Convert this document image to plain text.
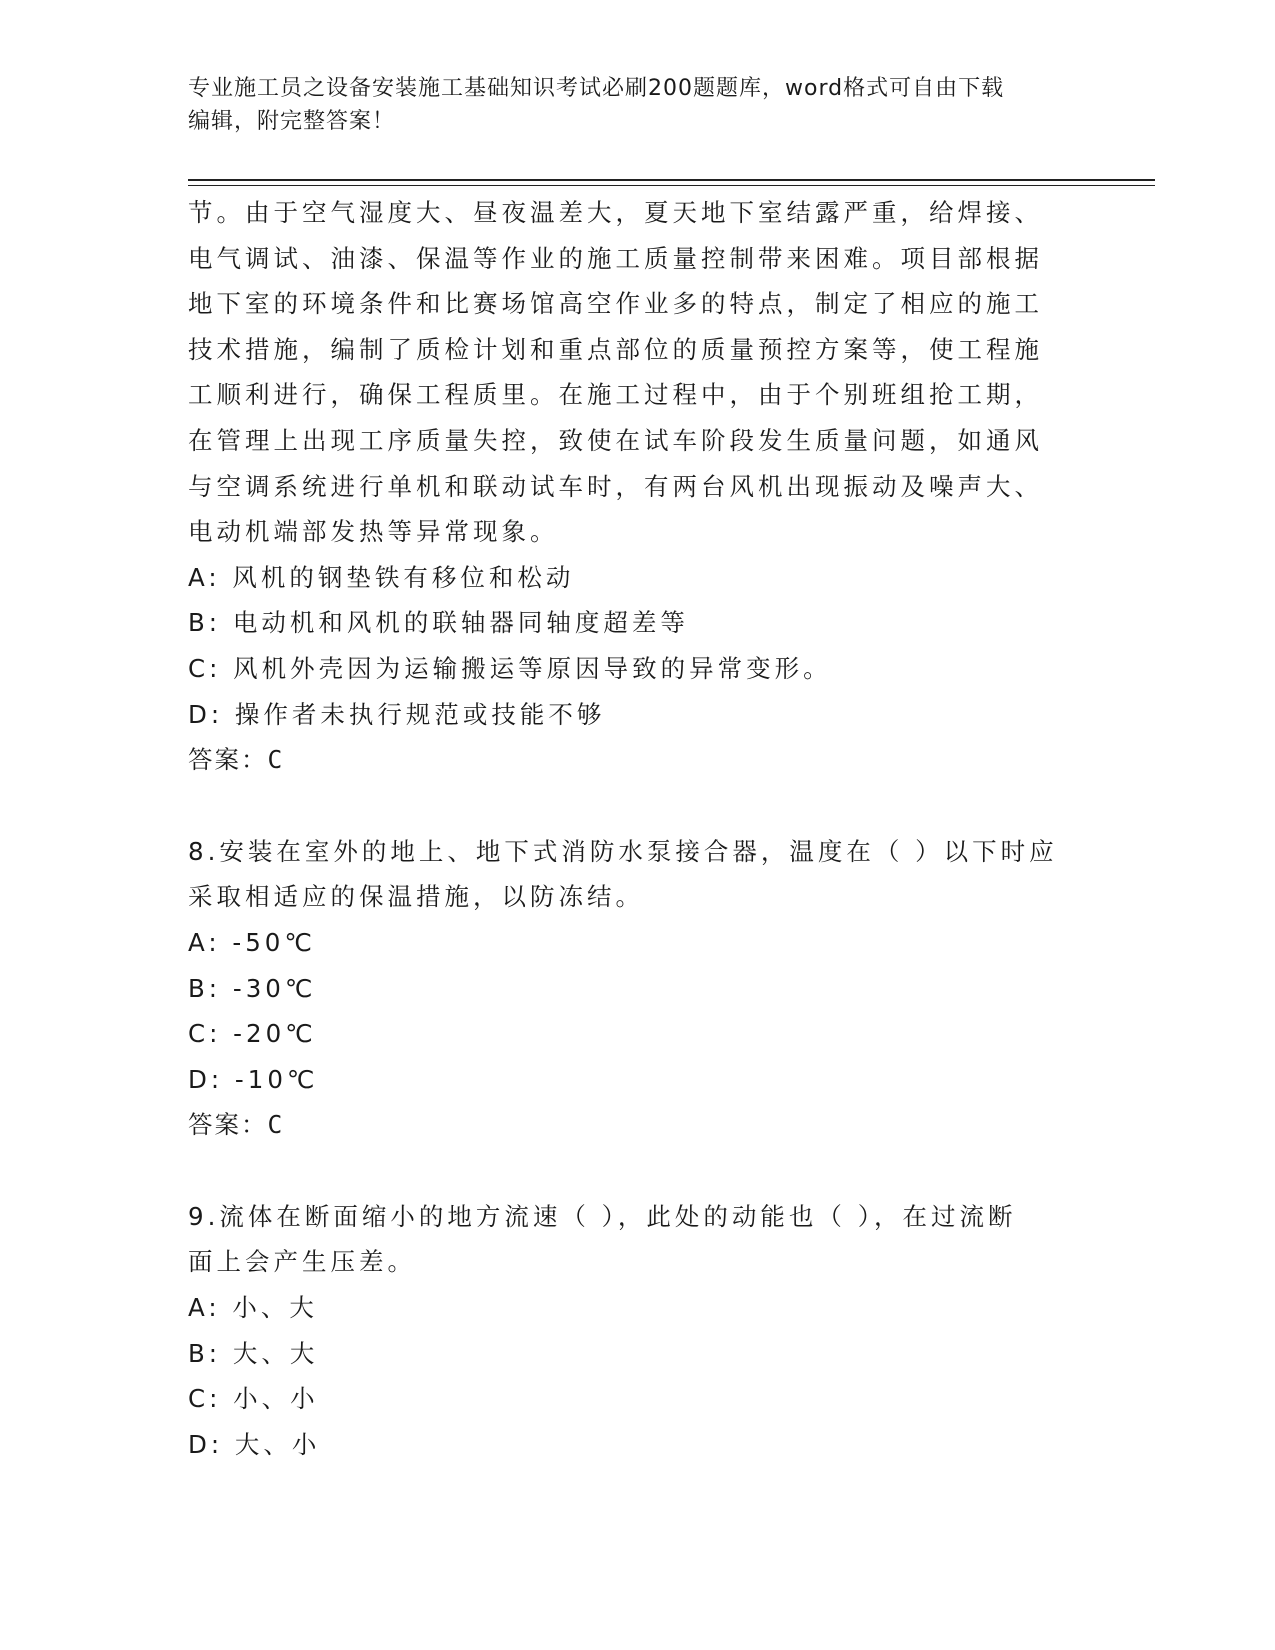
专业施工员之设备安装施工基础知识考试必刷200题题库，word格式可自由下载
编辑，附完整答案！
节。由于空气湿度大、昼夜温差大，夏天地下室结露严重，给焊接、
电气调试、油漆、保温等作业的施工质量控制带来困难。项目部根据
地下室的环境条件和比赛场馆高空作业多的特点，制定了相应的施工
技术措施，编制了质检计划和重点部位的质量预控方案等，使工程施
工顺利进行，确保工程质里。在施工过程中，由于个别班组抢工期，
在管理上出现工序质量失控，致使在试车阶段发生质量问题，如通风
与空调系统进行单机和联动试车时，有两台风机出现振动及噪声大、
电动机端部发热等异常现象。
A: 风机的钢垫铁有移位和松动
B: 电动机和风机的联轴器同轴度超差等
C: 风机外壳因为运输搬运等原因导致的异常变形。
D: 操作者未执行规范或技能不够
答案：C
8.安装在室外的地上、地下式消防水泵接合器，温度在（ ）以下时应
采取相适应的保温措施，以防冻结。
A: -50℃
B: -30℃
C: -20℃
D: -10℃
答案：C
9.流体在断面缩小的地方流速（ ），此处的动能也（ ），在过流断
面上会产生压差。
A: 小、大
B: 大、大
C: 小、小
D: 大、小
